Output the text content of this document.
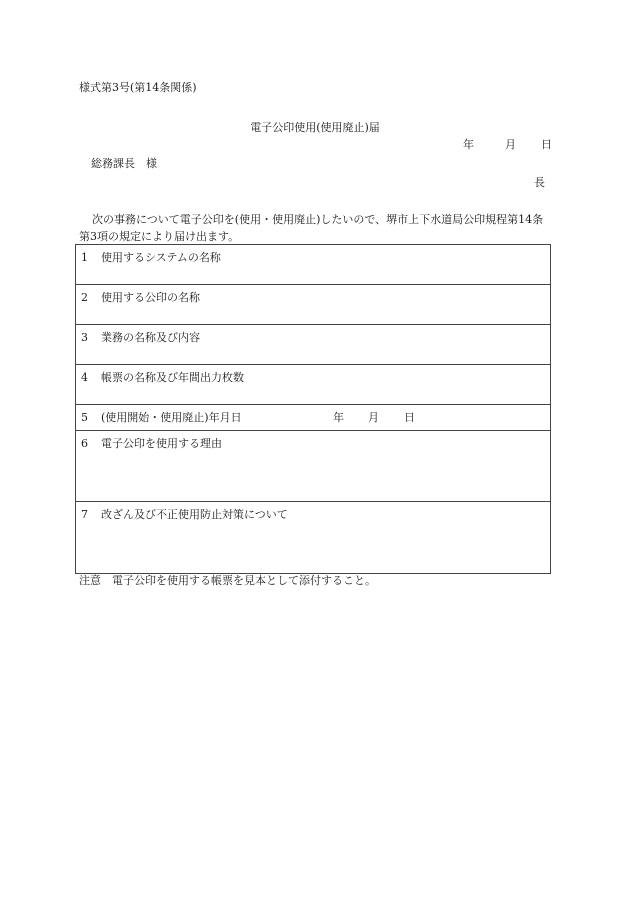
様式第3号(第14条関係)
電子公印使用(使用廃止)届
年	月 日
総務課長　様
長
次の事務について電子公印を(使用・使用廃止)したいので、堺市上下水道局公印規程第14条第3項の規定により届け出ます。
1 使用するシステムの名称
2 使用する公印の名称
3 業務の名称及び内容
4 帳票の名称及び年間出力枚数
5 (使用開始・使用廃止)年月日	年 月 日
6 電子公印を使用する理由
7 改ざん及び不正使用防止対策について
注意　電子公印を使用する帳票を見本として添付すること。
